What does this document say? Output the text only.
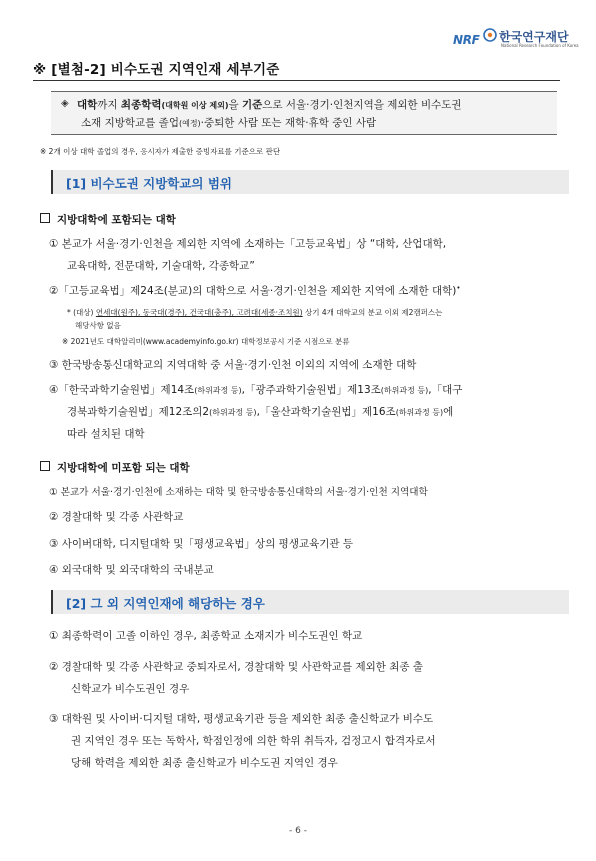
NRF 한국연구재단
National Research Foundation of Korea
※ [별첨-2] 비수도권 지역인재 세부기준
◈ 대학까지 최종학력(대학원 이상 제외)을 기준으로 서울·경기·인천지역을 제외한 비수도권
소재 지방학교를 졸업(예정)·중퇴한 사람 또는 재학·휴학 중인 사람
※ 2개 이상 대학 졸업의 경우, 응시자가 제출한 증빙자료를 기준으로 판단
[1] 비수도권 지방학교의 범위
지방대학에 포함되는 대학
① 본교가 서울·경기·인천을 제외한 지역에 소재하는「고등교육법」상 “대학, 산업대학,
교육대학, 전문대학, 기술대학, 각종학교”
②「고등교육법」제24조(분교)의 대학으로 서울·경기·인천을 제외한 지역에 소재한 대학)•
* (대상) 연세대(원주), 동국대(경주), 건국대(충주), 고려대(세종·조치원) 상기 4개 대학교의 분교 이외 제2캠퍼스는
해당사항 없음
※ 2021년도 대학알리미(www.academyinfo.go.kr) 대학정보공시 기준 시점으로 분류
③ 한국방송통신대학교의 지역대학 중 서울·경기·인천 이외의 지역에 소재한 대학
④「한국과학기술원법」제14조(하위과정 등),「광주과학기술원법」제13조(하위과정 등),「대구
경북과학기술원법」제12조의2(하위과정 등),「울산과학기술원법」제16조(하위과정 등)에
따라 설치된 대학
지방대학에 미포함 되는 대학
① 본교가 서울·경기·인천에 소재하는 대학 및 한국방송통신대학의 서울·경기·인천 지역대학
② 경찰대학 및 각종 사관학교
③ 사이버대학, 디지털대학 및「평생교육법」상의 평생교육기관 등
④ 외국대학 및 외국대학의 국내분교
[2] 그 외 지역인재에 해당하는 경우
① 최종학력이 고졸 이하인 경우, 최종학교 소재지가 비수도권인 학교
② 경찰대학 및 각종 사관학교 중퇴자로서, 경찰대학 및 사관학교를 제외한 최종 출
신학교가 비수도권인 경우
③ 대학원 및 사이버·디지털 대학, 평생교육기관 등을 제외한 최종 출신학교가 비수도
권 지역인 경우 또는 독학사, 학점인정에 의한 학위 취득자, 검정고시 합격자로서
당해 학력을 제외한 최종 출신학교가 비수도권 지역인 경우
- 6 -
